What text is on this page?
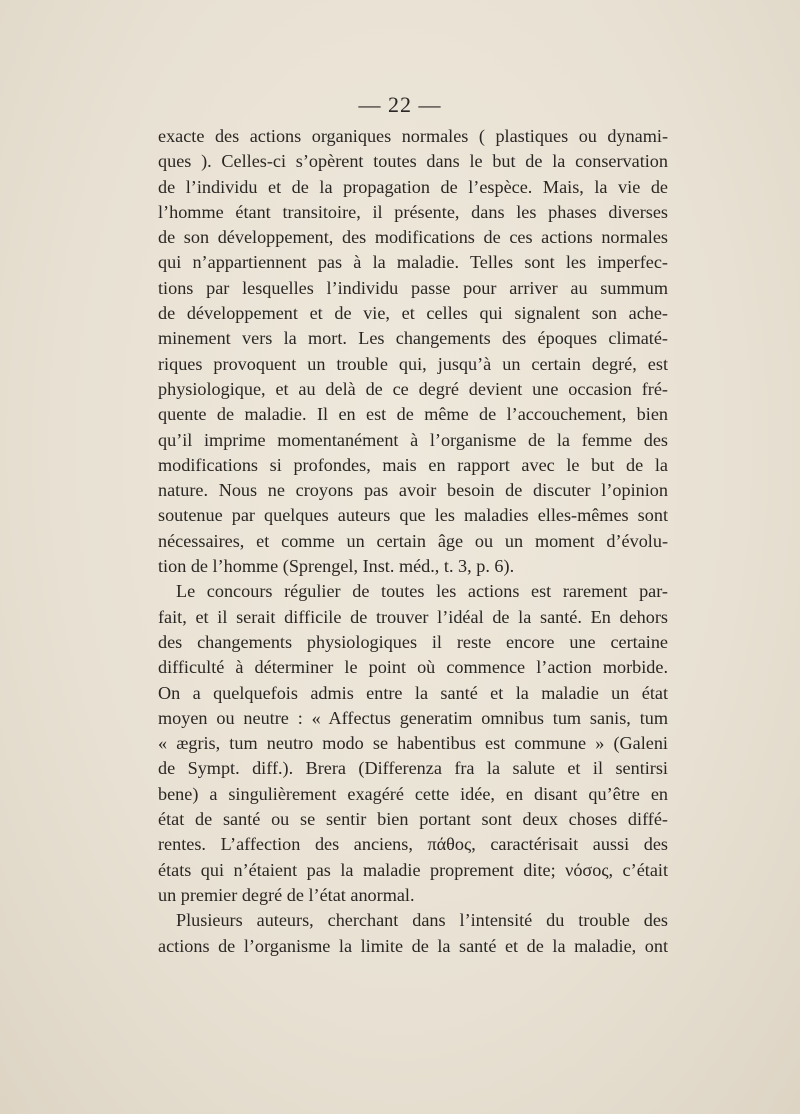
— 22 —
exacte des actions organiques normales ( plastiques ou dynami-
ques ). Celles-ci s’opèrent toutes dans le but de la conservation
de l’individu et de la propagation de l’espèce. Mais, la vie de
l’homme étant transitoire, il présente, dans les phases diverses
de son développement, des modifications de ces actions normales
qui n’appartiennent pas à la maladie. Telles sont les imperfec-
tions par lesquelles l’individu passe pour arriver au summum
de développement et de vie, et celles qui signalent son ache-
minement vers la mort. Les changements des époques climaté-
riques provoquent un trouble qui, jusqu’à un certain degré, est
physiologique, et au delà de ce degré devient une occasion fré-
quente de maladie. Il en est de même de l’accouchement, bien
qu’il imprime momentanément à l’organisme de la femme des
modifications si profondes, mais en rapport avec le but de la
nature. Nous ne croyons pas avoir besoin de discuter l’opinion
soutenue par quelques auteurs que les maladies elles-mêmes sont
nécessaires, et comme un certain âge ou un moment d’évolu-
tion de l’homme (Sprengel, Inst. méd., t. 3, p. 6).
Le concours régulier de toutes les actions est rarement par-
fait, et il serait difficile de trouver l’idéal de la santé. En dehors
des changements physiologiques il reste encore une certaine
difficulté à déterminer le point où commence l’action morbide.
On a quelquefois admis entre la santé et la maladie un état
moyen ou neutre : « Affectus generatim omnibus tum sanis, tum
« ægris, tum neutro modo se habentibus est commune » (Galeni
de Sympt. diff.). Brera (Differenza fra la salute et il sentirsi
bene) a singulièrement exagéré cette idée, en disant qu’être en
état de santé ou se sentir bien portant sont deux choses diffé-
rentes. L’affection des anciens, πάθος, caractérisait aussi des
états qui n’étaient pas la maladie proprement dite; νόσος, c’était
un premier degré de l’état anormal.
Plusieurs auteurs, cherchant dans l’intensité du trouble des
actions de l’organisme la limite de la santé et de la maladie, ont
